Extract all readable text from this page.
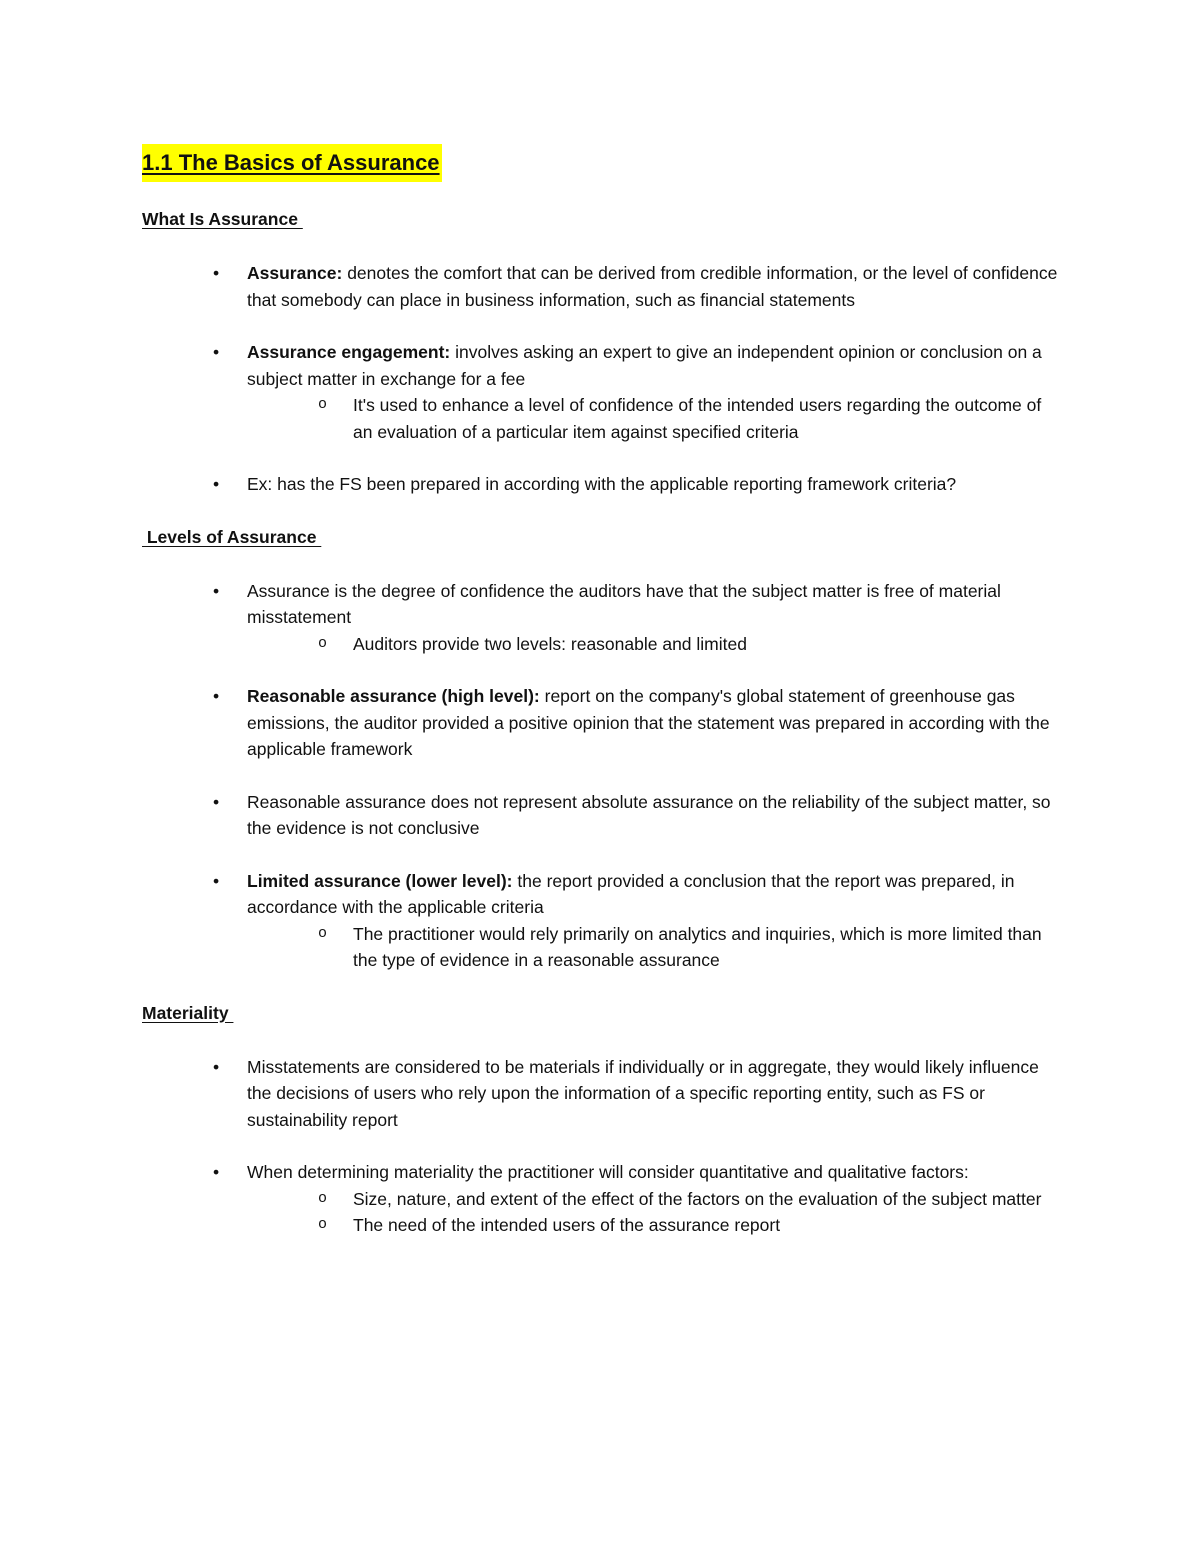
1.1 The Basics of Assurance
What Is Assurance
• Assurance: denotes the comfort that can be derived from credible information, or the level of confidence that somebody can place in business information, such as financial statements
• Assurance engagement: involves asking an expert to give an independent opinion or conclusion on a subject matter in exchange for a fee
o It's used to enhance a level of confidence of the intended users regarding the outcome of an evaluation of a particular item against specified criteria
• Ex: has the FS been prepared in according with the applicable reporting framework criteria?
Levels of Assurance
• Assurance is the degree of confidence the auditors have that the subject matter is free of material misstatement
o Auditors provide two levels: reasonable and limited
• Reasonable assurance (high level): report on the company's global statement of greenhouse gas emissions, the auditor provided a positive opinion that the statement was prepared in according with the applicable framework
• Reasonable assurance does not represent absolute assurance on the reliability of the subject matter, so the evidence is not conclusive
• Limited assurance (lower level): the report provided a conclusion that the report was prepared, in accordance with the applicable criteria
o The practitioner would rely primarily on analytics and inquiries, which is more limited than the type of evidence in a reasonable assurance
Materiality
• Misstatements are considered to be materials if individually or in aggregate, they would likely influence the decisions of users who rely upon the information of a specific reporting entity, such as FS or sustainability report
• When determining materiality the practitioner will consider quantitative and qualitative factors:
o Size, nature, and extent of the effect of the factors on the evaluation of the subject matter
o The need of the intended users of the assurance report
